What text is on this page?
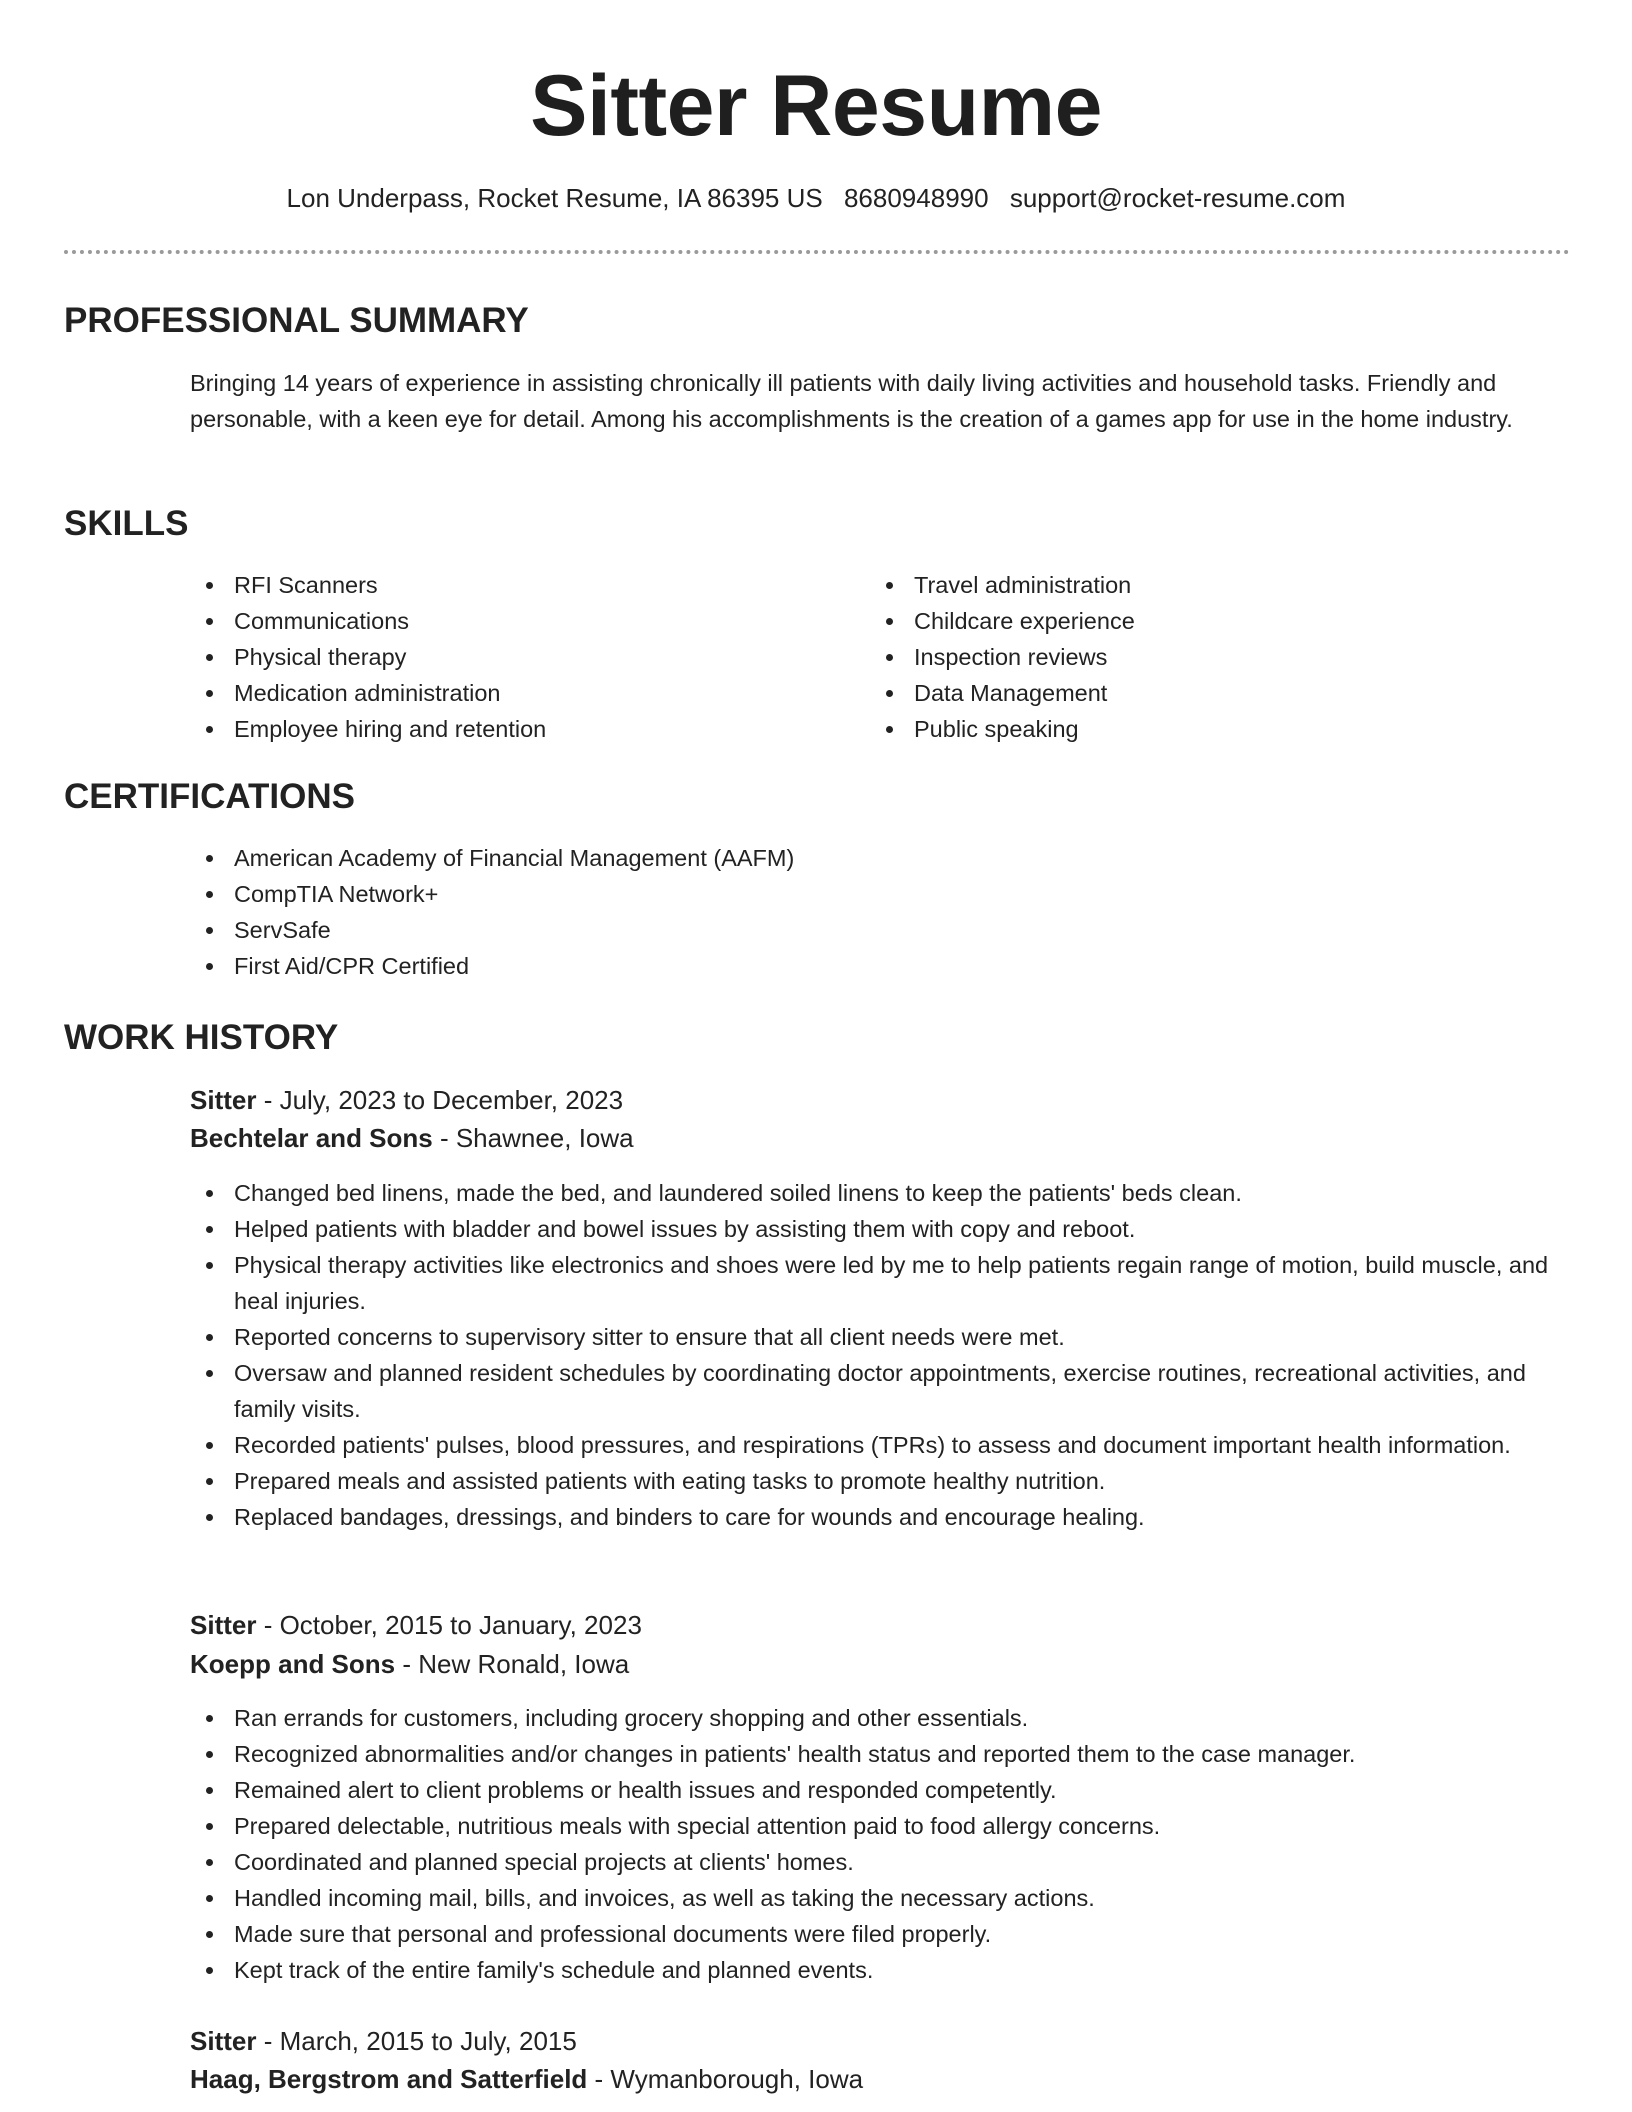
Sitter Resume
Lon Underpass, Rocket Resume, IA 86395 US 8680948990 support@rocket-resume.com
PROFESSIONAL SUMMARY
Bringing 14 years of experience in assisting chronically ill patients with daily living activities and household tasks. Friendly and personable, with a keen eye for detail. Among his accomplishments is the creation of a games app for use in the home industry.
SKILLS
RFI Scanners
Communications
Physical therapy
Medication administration
Employee hiring and retention
Travel administration
Childcare experience
Inspection reviews
Data Management
Public speaking
CERTIFICATIONS
American Academy of Financial Management (AAFM)
CompTIA Network+
ServSafe
First Aid/CPR Certified
WORK HISTORY
Sitter - July, 2023 to December, 2023
Bechtelar and Sons - Shawnee, Iowa
Changed bed linens, made the bed, and laundered soiled linens to keep the patients' beds clean.
Helped patients with bladder and bowel issues by assisting them with copy and reboot.
Physical therapy activities like electronics and shoes were led by me to help patients regain range of motion, build muscle, and heal injuries.
Reported concerns to supervisory sitter to ensure that all client needs were met.
Oversaw and planned resident schedules by coordinating doctor appointments, exercise routines, recreational activities, and family visits.
Recorded patients' pulses, blood pressures, and respirations (TPRs) to assess and document important health information.
Prepared meals and assisted patients with eating tasks to promote healthy nutrition.
Replaced bandages, dressings, and binders to care for wounds and encourage healing.
Sitter - October, 2015 to January, 2023
Koepp and Sons - New Ronald, Iowa
Ran errands for customers, including grocery shopping and other essentials.
Recognized abnormalities and/or changes in patients' health status and reported them to the case manager.
Remained alert to client problems or health issues and responded competently.
Prepared delectable, nutritious meals with special attention paid to food allergy concerns.
Coordinated and planned special projects at clients' homes.
Handled incoming mail, bills, and invoices, as well as taking the necessary actions.
Made sure that personal and professional documents were filed properly.
Kept track of the entire family's schedule and planned events.
Sitter - March, 2015 to July, 2015
Haag, Bergstrom and Satterfield - Wymanborough, Iowa
